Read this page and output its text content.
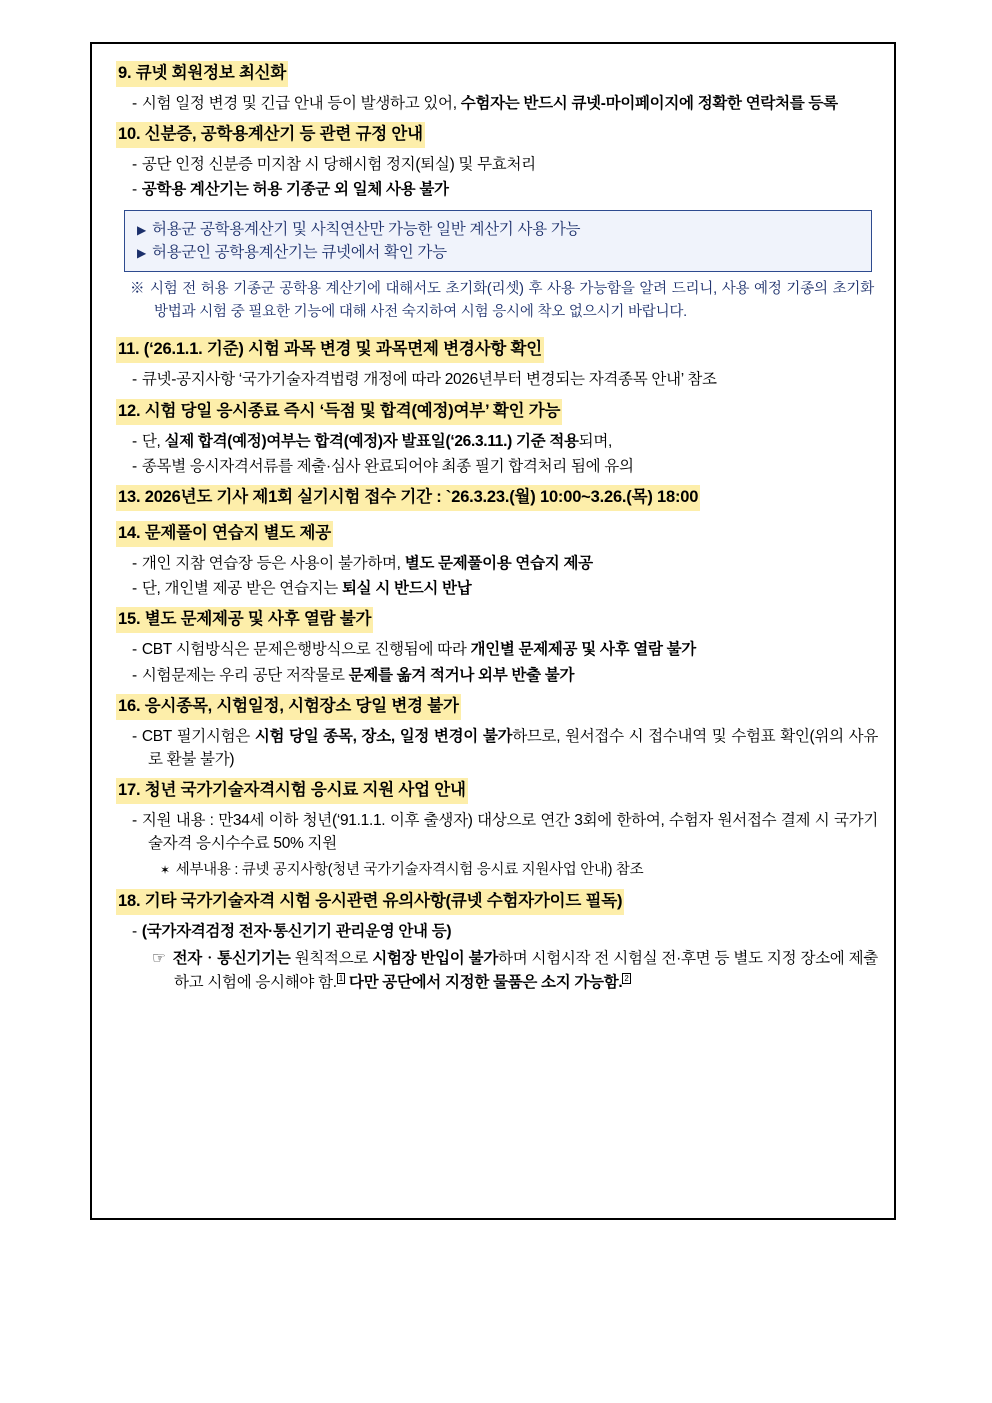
9. 큐넷 회원정보 최신화
- 시험 일정 변경 및 긴급 안내 등이 발생하고 있어, 수험자는 반드시 큐넷-마이페이지에 정확한 연락처를 등록
10. 신분증, 공학용계산기 등 관련 규정 안내
- 공단 인정 신분증 미지참 시 당해시험 정지(퇴실) 및 무효처리
- 공학용 계산기는 허용 기종군 외 일체 사용 불가
▶ 허용군 공학용계산기 및 사칙연산만 가능한 일반 계산기 사용 가능
▶ 허용군인 공학용계산기는 큐넷에서 확인 가능
※ 시험 전 허용 기종군 공학용 계산기에 대해서도 초기화(리셋) 후 사용 가능함을 알려 드리니, 사용 예정 기종의 초기화 방법과 시험 중 필요한 기능에 대해 사전 숙지하여 시험 응시에 착오 없으시기 바랍니다.
11. (‘26.1.1. 기준) 시험 과목 변경 및 과목면제 변경사항 확인
- 큐넷-공지사항 ‘국가기술자격법령 개정에 따라 2026년부터 변경되는 자격종목 안내’ 참조
12. 시험 당일 응시종료 즉시 ‘득점 및 합격(예정)여부’ 확인 가능
- 단, 실제 합격(예정)여부는 합격(예정)자 발표일(‘26.3.11.) 기준 적용되며,
- 종목별 응시자격서류를 제출·심사 완료되어야 최종 필기 합격처리 됨에 유의
13. 2026년도 기사 제1회 실기시험 접수 기간 : `26.3.23.(월) 10:00~3.26.(목) 18:00
14. 문제풀이 연습지 별도 제공
- 개인 지참 연습장 등은 사용이 불가하며, 별도 문제풀이용 연습지 제공
- 단, 개인별 제공 받은 연습지는 퇴실 시 반드시 반납
15. 별도 문제제공 및 사후 열람 불가
- CBT 시험방식은 문제은행방식으로 진행됨에 따라 개인별 문제제공 및 사후 열람 불가
- 시험문제는 우리 공단 저작물로 문제를 옮겨 적거나 외부 반출 불가
16. 응시종목, 시험일정, 시험장소 당일 변경 불가
- CBT 필기시험은 시험 당일 종목, 장소, 일정 변경이 불가하므로, 원서접수 시 접수내역 및 수험표 확인(위의 사유로 환불 불가)
17. 청년 국가기술자격시험 응시료 지원 사업 안내
- 지원 내용 : 만34세 이하 청년(‘91.1.1. 이후 출생자) 대상으로 연간 3회에 한하여, 수험자 원서접수 결제 시 국가기술자격 응시수수료 50% 지원
✶ 세부내용 : 큐넷 공지사항(청년 국가기술자격시험 응시료 지원사업 안내) 참조
18. 기타 국가기술자격 시험 응시관련 유의사항(큐넷 수험자가이드 필독)
- (국가자격검정 전자·통신기기 관리운영 안내 등)
☞ 전자‧통신기기는 원칙적으로 시험장 반입이 불가하며 시험시작 전 시험실 전·후면 등 별도 지정 장소에 제출하고 시험에 응시해야 함. $^1$ 다만 공단에서 지정한 물품은 소지 가능함. $^2$
